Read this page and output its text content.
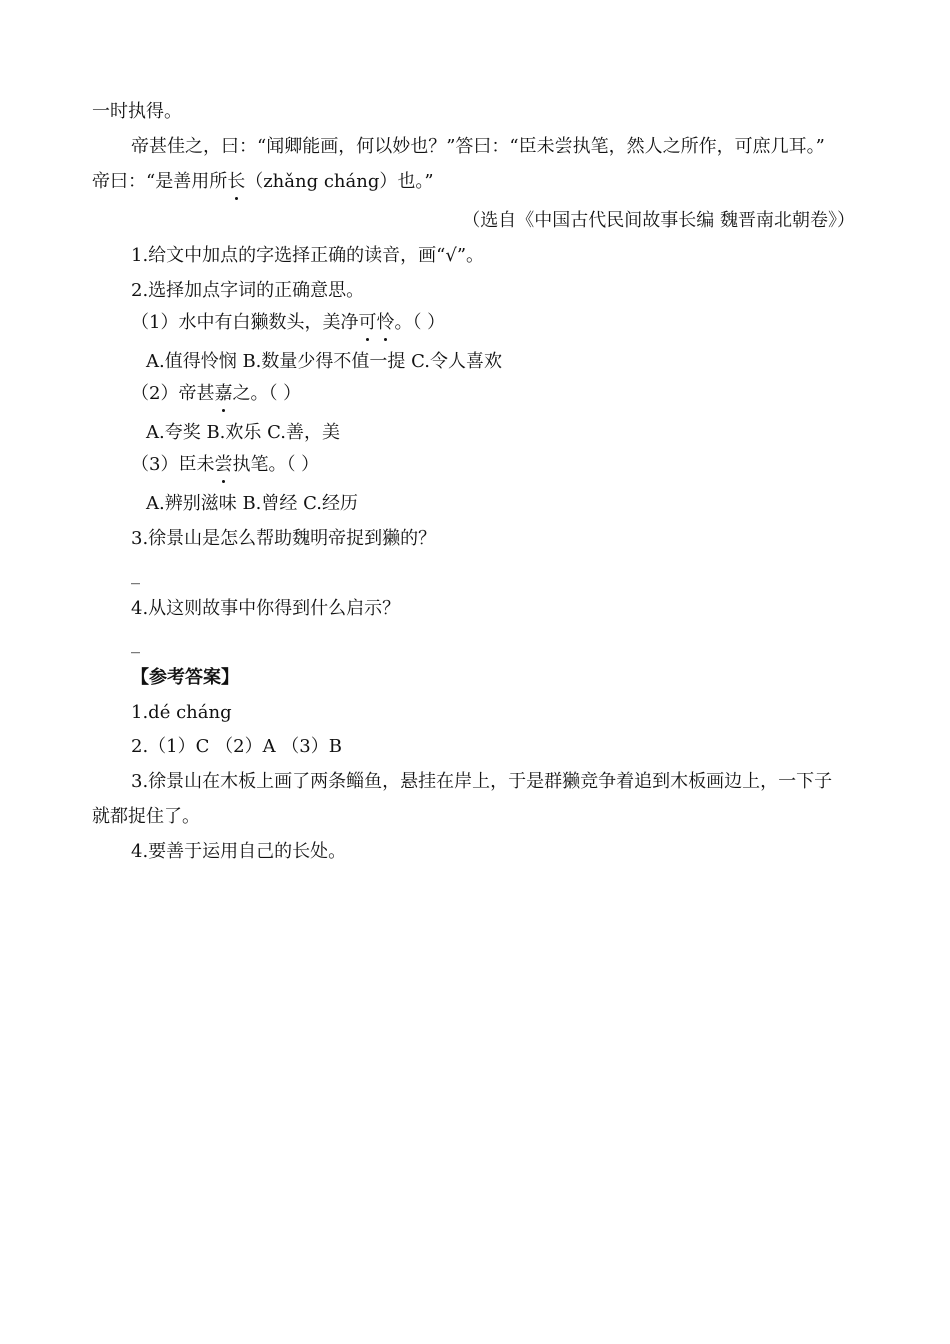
一时执得。
帝甚佳之，曰：“闻卿能画，何以妙也？”答曰：“臣未尝执笔，然人之所作，可庶几耳。”
帝曰：“是善用所长（zhǎng cháng）也。”
（选自《中国古代民间故事长编 魏晋南北朝卷》）
1.给文中加点的字选择正确的读音，画“√”。
2.选择加点字词的正确意思。
（1）水中有白獭数头，美净可怜。（ ）
A.值得怜悯 B.数量少得不值一提 C.令人喜欢
（2）帝甚嘉之。（ ）
A.夸奖 B.欢乐 C.善，美
（3）臣未尝执笔。（ ）
A.辨别滋味 B.曾经 C.经历
3.徐景山是怎么帮助魏明帝捉到獭的？
_
4.从这则故事中你得到什么启示？
_
【参考答案】
1.dé cháng
2.（1）C （2）A （3）B
3.徐景山在木板上画了两条鲻鱼，悬挂在岸上，于是群獭竞争着追到木板画边上，一下子
就都捉住了。
4.要善于运用自己的长处。
